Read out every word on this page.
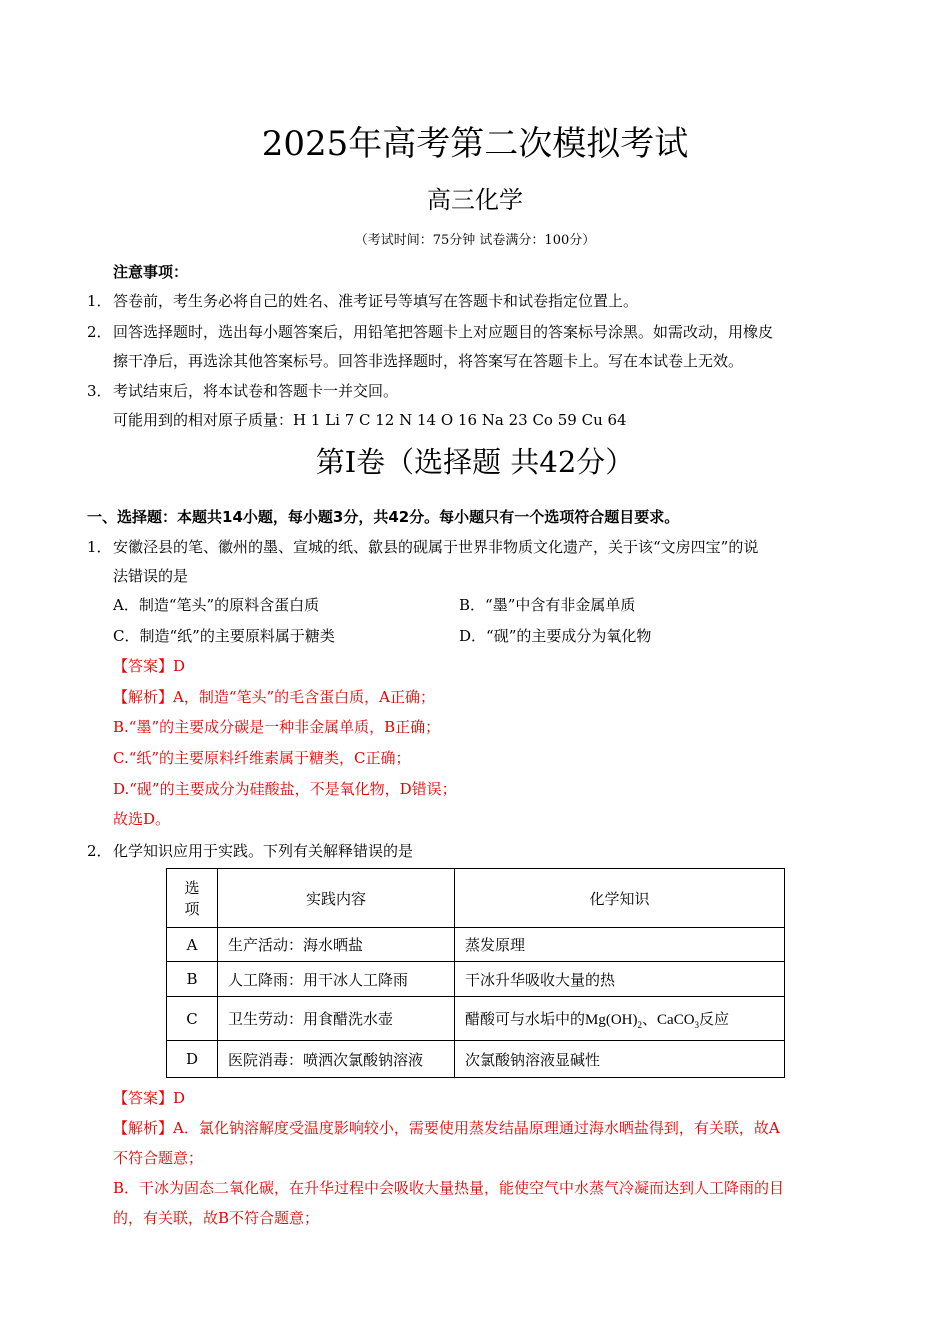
2025年高考第二次模拟考试
高三化学
（考试时间：75分钟 试卷满分：100分）
注意事项：
1．答卷前，考生务必将自己的姓名、准考证号等填写在答题卡和试卷指定位置上。
2．回答选择题时，选出每小题答案后，用铅笔把答题卡上对应题目的答案标号涂黑。如需改动，用橡皮
擦干净后，再选涂其他答案标号。回答非选择题时，将答案写在答题卡上。写在本试卷上无效。
3．考试结束后，将本试卷和答题卡一并交回。
可能用到的相对原子质量：H 1 Li 7 C 12 N 14 O 16 Na 23 Co 59 Cu 64
第Ⅰ卷（选择题 共42分）
一、选择题：本题共14小题，每小题3分，共42分。每小题只有一个选项符合题目要求。
1．安徽泾县的笔、徽州的墨、宣城的纸、歙县的砚属于世界非物质文化遗产，关于该“文房四宝”的说
法错误的是
A．制造“笔头”的原料含蛋白质	B．“墨”中含有非金属单质
C．制造“纸”的主要原料属于糖类	D．“砚”的主要成分为氧化物
【答案】D
【解析】A，制造“笔头”的毛含蛋白质，A正确；
B.“墨”的主要成分碳是一种非金属单质，B正确；
C.“纸”的主要原料纤维素属于糖类，C正确；
D.“砚”的主要成分为硅酸盐，不是氧化物，D错误；
故选D。
2．化学知识应用于实践。下列有关解释错误的是
选
项	实践内容	化学知识
A	生产活动：海水晒盐	蒸发原理
B	人工降雨：用干冰人工降雨	干冰升华吸收大量的热
C	卫生劳动：用食醋洗水壶	醋酸可与水垢中的$Mg(OH)_2$、CaCO$_3$反应
D	医院消毒：喷洒次氯酸钠溶液	次氯酸钠溶液显碱性
【答案】D
【解析】A．氯化钠溶解度受温度影响较小，需要使用蒸发结晶原理通过海水晒盐得到，有关联，故A
不符合题意；
B．干冰为固态二氧化碳，在升华过程中会吸收大量热量，能使空气中水蒸气冷凝而达到人工降雨的目
的，有关联，故B不符合题意；
